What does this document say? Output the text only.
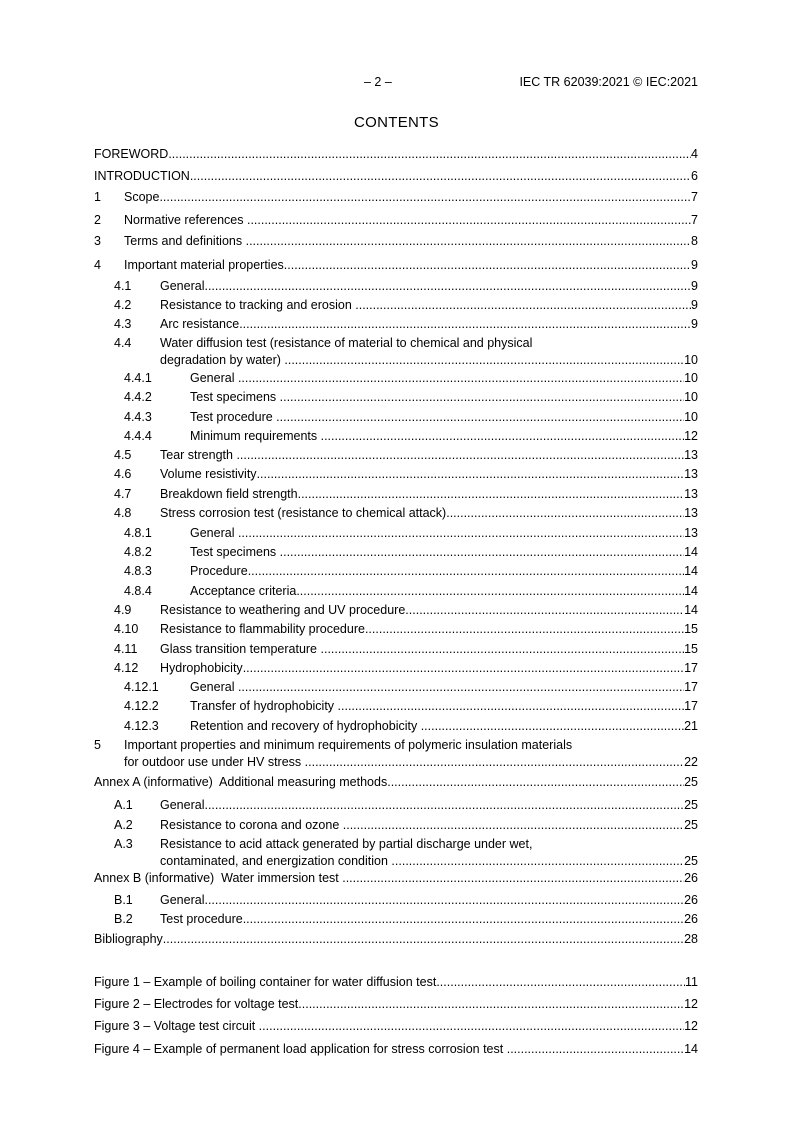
– 2 –	IEC TR 62039:2021 © IEC:2021
CONTENTS
FOREWORD .....	4
INTRODUCTION .....	6
1 Scope .....	7
2 Normative references .....	7
3 Terms and definitions .....	8
4 Important material properties .....	9
4.1 General .....	9
4.2 Resistance to tracking and erosion .....	9
4.3 Arc resistance .....	9
4.4 Water diffusion test (resistance of material to chemical and physical
degradation by water) .....	10
4.4.1	General .....	10
4.4.2	Test specimens .....	10
4.4.3	Test procedure .....	10
4.4.4	Minimum requirements .....	12
4.5 Tear strength .....	13
4.6 Volume resistivity .....	13
4.7 Breakdown field strength .....	13
4.8 Stress corrosion test (resistance to chemical attack) .....	13
4.8.1	General .....	13
4.8.2	Test specimens .....	14
4.8.3	Procedure .....	14
4.8.4	Acceptance criteria .....	14
4.9 Resistance to weathering and UV procedure .....	14
4.10 Resistance to flammability procedure .....	15
4.11 Glass transition temperature .....	15
4.12 Hydrophobicity .....	17
4.12.1 General .....	17
4.12.2 Transfer of hydrophobicity .....	17
4.12.3 Retention and recovery of hydrophobicity .....	21
5 Important properties and minimum requirements of polymeric insulation materials
for outdoor use under HV stress .....	22
Annex A (informative)  Additional measuring methods .....	25
A.1 General .....	25
A.2 Resistance to corona and ozone .....	25
A.3 Resistance to acid attack generated by partial discharge under wet,
contaminated, and energization condition .....	25
Annex B (informative)  Water immersion test .....	26
B.1 General .....	26
B.2 Test procedure .....	26
Bibliography .....	28
Figure 1 – Example of boiling container for water diffusion test .....	11
Figure 2 – Electrodes for voltage test .....	12
Figure 3 – Voltage test circuit .....	12
Figure 4 – Example of permanent load application for stress corrosion test .....	14
